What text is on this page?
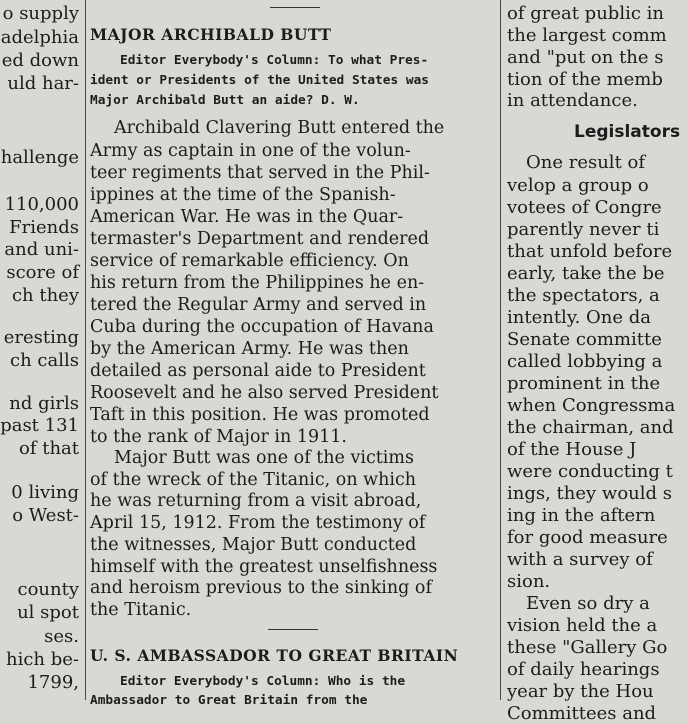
o supply
adelphia
ed down
uld har-
hallenge
110,000
Friends
and uni-
score of
ch they
eresting
ch calls
nd girls
past 131
of that
0 living
o West-
county
ul spot
ses.
hich be-
1799,
MAJOR ARCHIBALD BUTT
Editor Everybody's Column: To what Pres-
ident or Presidents of the United States was
Major Archibald Butt an aide? D. W.
Archibald Clavering Butt entered the
Army as captain in one of the volun-
teer regiments that served in the Phil-
ippines at the time of the Spanish-
American War. He was in the Quar-
termaster's Department and rendered
service of remarkable efficiency. On
his return from the Philippines he en-
tered the Regular Army and served in
Cuba during the occupation of Havana
by the American Army. He was then
detailed as personal aide to President
Roosevelt and he also served President
Taft in this position. He was promoted
to the rank of Major in 1911.
Major Butt was one of the victims
of the wreck of the Titanic, on which
he was returning from a visit abroad,
April 15, 1912. From the testimony of
the witnesses, Major Butt conducted
himself with the greatest unselfishness
and heroism previous to the sinking of
the Titanic.
U. S. AMBASSADOR TO GREAT BRITAIN
Editor Everybody's Column: Who is the
Ambassador to Great Britain from the
of great public in
the largest comm
and "put on the s
tion of the memb
in attendance.
Legislators
One result of
velop a group o
votees of Congre
parently never ti
that unfold before
early, take the be
the spectators, a
intently. One da
Senate committe
called lobbying a
prominent in the
when Congressma
the chairman, and
of the House J
were conducting t
ings, they would s
ing in the aftern
for good measure
with a survey of
sion.
Even so dry a
vision held the a
these "Gallery Go
of daily hearings
year by the Hou
Committees and
